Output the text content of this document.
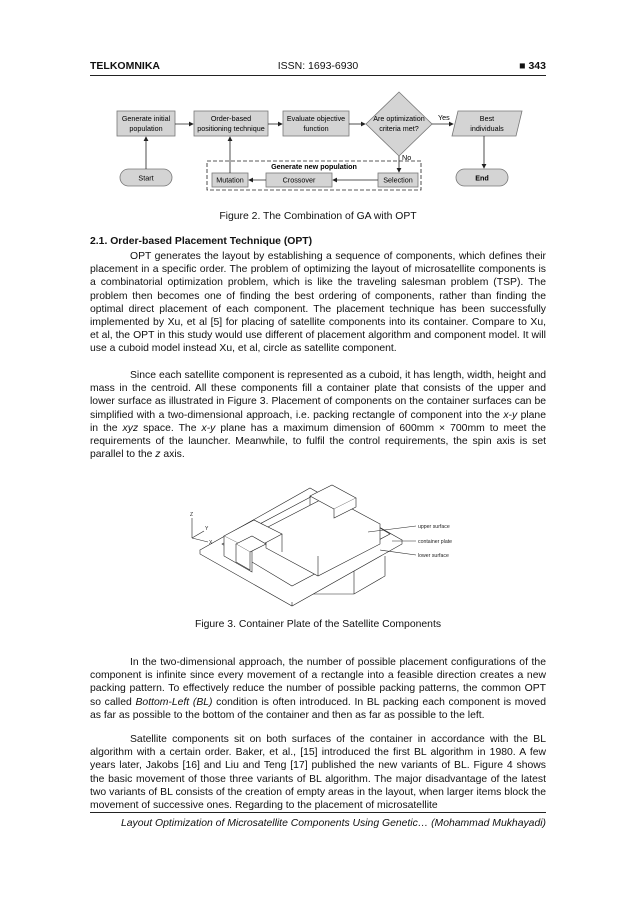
TELKOMNIKA	ISSN: 1693-6930	■ 343
Generate initial
population
Order-based
positioning technique
Evaluate objective
function
Are optimization
criteria met?
Best
individuals
Yes
Start
Generate new population
Mutation	Crossover	Selection	End
No
Figure 2. The Combination of GA with OPT
2.1. Order-based Placement Technique (OPT)

OPT generates the layout by establishing a sequence of components, which defines their placement in a specific order. The problem of optimizing the layout of microsatellite components is a combinatorial optimization problem, which is like the traveling salesman problem (TSP). The problem then becomes one of finding the best ordering of components, rather than finding the optimal direct placement of each component. The placement technique has been successfully implemented by Xu, et al [5] for placing of satellite components into its container. Compare to Xu, et al, the OPT in this study would use different of placement algorithm and component model. It will use a cuboid model instead Xu, et al, circle as satellite component.

Since each satellite component is represented as a cuboid, it has length, width, height and mass in the centroid. All these components fill a container plate that consists of the upper and lower surface as illustrated in Figure 3. Placement of components on the container surfaces can be simplified with a two-dimensional approach, i.e. packing rectangle of component into the x-y plane in the xyz space. The x-y plane has a maximum dimension of 600mm × 700mm to meet the requirements of the launcher. Meanwhile, to fulfil the control requirements, the spin axis is set parallel to the z axis.

Z
Y
X
upper surface
container plate
lower surface
Figure 3. Container Plate of the Satellite Components

In the two-dimensional approach, the number of possible placement configurations of the component is infinite since every movement of a rectangle into a feasible direction creates a new packing pattern. To effectively reduce the number of possible packing patterns, the common OPT so called Bottom-Left (BL) condition is often introduced. In BL packing each component is moved as far as possible to the bottom of the container and then as far as possible to the left.

Satellite components sit on both surfaces of the container in accordance with the BL algorithm with a certain order. Baker, et al., [15] introduced the first BL algorithm in 1980. A few years later, Jakobs [16] and Liu and Teng [17] published the new variants of BL. Figure 4 shows the basic movement of those three variants of BL algorithm. The major disadvantage of the latest two variants of BL consists of the creation of empty areas in the layout, when larger items block the movement of successive ones. Regarding to the placement of microsatellite

Layout Optimization of Microsatellite Components Using Genetic… (Mohammad Mukhayadi)
